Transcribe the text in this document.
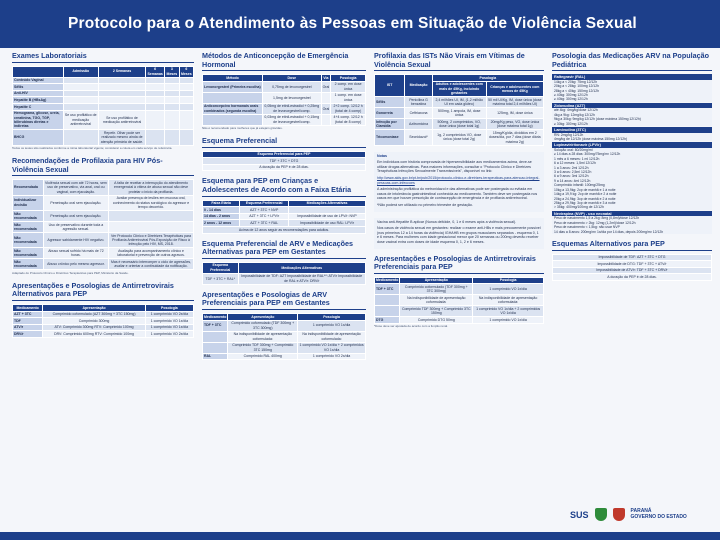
Protocolo para o Atendimento às Pessoas em Situação de Violência Sexual
Exames Laboratoriais
	Admissão	2 Semanas	6 Semanas	3 Meses	6 Meses
Conteúdo Vaginal					
Sífilis					
Anti-HIV					
Hepatite B (HBsAg)					
Hepatite C					
Hemograma, glicose, ureia, creatinina, TGO, TGP, bilirrubinas diretas e indiretas	Se uso profilático de medicação antirretroviral	Se uso profilático de medicação antirretroviral			
BHCG		Repetir. Olhar pode ser realizado mesmo ainda de atenção primária de saúde.			
Todos os testes são realizados conforme a rotina laboratorial vigente; considerar a coleta em cada serviço de referência.
Recomendações de Profilaxia para HIV Pós-Violência Sexual
Recomendada	Violência sexual com até 72 horas, sem uso de preservativo, via anal, oral ou vaginal, com ejaculação.	A falta de receitar a interrupção do atendimento emergencial à vítima de abuso sexual não deve protelar o início da profilaxia.
Individualizar decisão	Penetração oral sem ejaculação.	Avaliar presença de lesões em mucosa oral, conhecimento do status sorológico do agressor e tempo decorrido.
Não recomendada	Penetração oral sem ejaculação.	
Não recomendada	Uso de preservativo durante toda a agressão sexual.	
Não recomendada	Agressor sabidamente HIV negativo.	Ver Protocolo Clínico e Diretrizes Terapêuticas para Profilaxia Antirretroviral Pós-Exposição de Risco à Infecção pelo HIV, MS, 2018.
Não recomendada	Abuso sexual sofrido há mais de 72 horas.	Avaliação para acompanhamento clínico e laboratorial e prevenção de outros agravos.
Não recomendada	Abuso crônico pelo mesmo agressor.	Mas é necessário interromper o ciclo de agressões, avaliar e orientar a continuidade da notificação.
Adaptado do Protocolo Clínico e Diretrizes Terapêuticas para PEP, Ministério da Saúde.
Apresentações e Posologias de Antirretrovirais Alternativos para PEP
Medicamento	Apresentação	Posologia
AZT + 3TC	Comprimido coformulado (AZT 300mg + 3TC 150mg)	1 comprimido VO 2x/dia
TDF	Comprimido 300mg	1 comprimido VO 1x/dia
ATV/r	ATV: Comprimido 300mg RTV: Comprimido 100mg	1 comprimido VO 1x/dia
DRV/r	DRV: Comprimido 600mg RTV: Comprimido 100mg	1 comprimido VO 2x/dia
Métodos de Anticoncepção de Emergência Hormonal
Método	Dose	Via	Posologia
Levonorgestrel (Primeira escolha)	0,75mg de levonorgestrel	Oral	2 comp. em dose única
	1,5mg de levonorgestrel		1 comp. em dose única
Anticoncepcivo hormonais orais combinados (segunda escolha)	0,05mg de etinil-estradiol + 0,25mg de levonorgestrel/comp.	Oral	2+2 comp. 12/12 h (total de 4 comp)
	0,03mg de etinil-estradiol + 0,15mg de levonorgestrel/comp.		4+4 comp. 12/12 h (total de 8 comp)
Não é recomendado para mulheres que já estejam grávidas.
Esquema Preferencial
Esquema Preferencial para PEP
TDF + 3TC + DTG
A duração da PEP é de 28 dias.
Esquema para PEP em Crianças e Adolescentes de Acordo com a Faixa Etária
Faixa Etária	Esquema Preferencial	Medicações Alternativas
0 - 14 dias	AZT + 3TC + NVP	
14 dias - 2 anos	AZT + 3TC + LPV/r	Impossibilidade de uso de LPV/r: NVP
2 anos - 12 anos	AZT + 3TC + RAL	Impossibilidade de uso RAL: LPV/r
Acima de 12 anos seguir as recomendações para adultos.		
Esquema Preferencial de ARV e Medicações Alternativas para PEP em Gestantes
Esquema Preferencial	Medicações Alternativas
TDF + 3TC + RAL*	Impossibilidade de TDF: AZT Impossibilidade de RAL**: ATV/r Impossibilidade de RAL e ATV/r: DRV/r
Apresentações e Posologias de ARV Preferenciais para PEP em Gestantes
Medicamento	Apresentação	Posologia
TDF + 3TC	Comprimido coformulado (TDF 300mg + 3TC 300mg)	1 comprimido VO 1x/dia
	Na indisponibilidade de apresentação coformulada:	Na indisponibilidade de apresentação coformulada:
	Comprimido TDF 300mg + Comprimido 3TC 150mg	1 comprimido VO 1x/dia + 2 comprimidos VO 1x/dia
RAL	Comprimido RAL 400mg	1 comprimido VO 2x/dia
Profilaxia das ISTs Não Virais em Vítimas de Violência Sexual
IST	Medicação	Posologia	
		Adultos e adolescentes com mais de 45Kg, incluindo gestantes	Crianças e adolescentes com menos de 45Kg
Sífilis	Penicilina G benzatina	2,4 milhões UI, IM, (1,2 milhão UI em cada glúteo)	50 mil UI/Kg, IM, dose única (dose máxima total 2,4 milhões UI)
Gonorreia	Ceftriaxona	500mg, 1 ampola, IM, dose única	125mg, IM, dose única
Infecção por Clamídia	Azitromicina	500mg, 2 comprimidos, VO, dose única (dose total 1g)	20mg/Kg peso, VO, dose única (dose máxima total 1g)
Tricomoníase	Secnidazol*	1g, 2 comprimidos VO, dose única (dose total 2g)	15mg/Kg/dia, divididos em 2 doses/dia, por 7 dias (dose diária máxima 2g)

Notas

Em individuos com história comprovada de hipersensibilidade aos medicamentos acima, deve-se utilizar drogas alternativas. Para maiores informações, consultar o "Protocolo Clínico e Diretrizes Terapêuticas Infecções Sexualmente Transmissíveis", disponível no link:

http://www.aids.gov.br/pt-br/pub/2015/protocolo-clinico-e-diretrizes-terapeuticas-para-atencao-integral-pessoas-com-infeccoes

A administração profilática do metronidazol e das alternativas pode ser postergada ou evitada em casos de intolerância gastrointestinal conhecida ao medicamento. Também deve ser postergada nos casos em que houver prescrição de contracepção de emergência e de profilaxia antirretroviral.

*Não poderá ser utilizado no primeiro trimestre de gestação.

Vacina anti-Hepatite B aplicar (Nunca deltóide, 0, 1 e 6 meses após a violência sexual).

Nos casos de violência sexual em gestantes: realizar o exame anti-HBs e mais precocemente possível (nos primeiros 12 a 14 horas da violência) IGHAHB em grupos musculares separados - esquema 0, 1 e 6 meses. Para mulheres com idade gestacional menor que 20 semanas ou 200mg deverão receber dose vacinal extra com doses de idade esquema 0, 1, 2 e 6 meses.

Apresentações e Posologias de Antirretrovirais Preferenciais para PEP
Medicamento	Apresentação	Posologia
TDF + 3TC	Comprimido coformulado (TDF 300mg + 3TC 300mg)	1 comprimido VO 1x/dia
	Na indisponibilidade de apresentação coformulada:	Na indisponibilidade de apresentação coformulada:
	Comprimido TDF 300mg + Comprimido 3TC 150mg	1 comprimido VO 1x/dia + 2 comprimidos VO 1x/dia
DTG	Comprimido DTG 50mg	1 comprimido VO 1x/dia
*Dose deve ser ajustada de acordo com a função renal.
Posologia das Medicações ARV na População Pediátrica
Raltegravir (RAL)
14kg a < 20kg: 75mg 12/12h
20kg a < 28kg: 100mg 12/12h
28kg a < 40kg: 150mg 12/12h
≥ 40kg: 300mg 12/12h
≥ 40kg: 300mg 12/12h
Zidovudina (AZT)
até 4kg: 4mg/kg/dose 12/12h
4kg a 9kg: 12mg/kg 12/12h
9kg a 30kg: 9mg/kg 12/12h (dose máxima 150mg 12/12h)
≥ 30kg: 300mg 12/12h
Lamivudina (3TC)
RN: 2mg/kg 12/12h
4mg/kg de 12/12h (dose máxima 150mg 12/12h)
Lopinavir/ritonavir (LPV/r)
Solução oral: 80/20mg/ml
≥ 14 dias a 28 dias: 300mg/75mg/m² 12/12h
1 mês a 6 meses: 1 ml 12/12h
6 a 12 meses: 1,5ml 12/12h
1 a 3 anos: 2ml 12/12h
3 a 6 anos: 2,5ml 12/12h
6 a 9 anos: 3ml 12/12h
9 a 14 anos: 4ml 12/12h
Comprimido infantil: 100mg/25mg
10kg a 13,9kg: 2cp de manhã e 1 à noite
14kg a 19,9 kg: 2cp de manhã e 2 à noite
20kg a 24,9kg: 3cp de manhã e 2 à noite
25kg a 29,9kg: 3cp de manhã e 3 à noite
> 35kg: 400mg/100mg de 12/12h
Nevirapina (NVP) - uso neonatal
Peso de nascimento 1,5 a 2kg: 8mg (0,8ml)/dose 12/12h
Peso de nascimento > 2kg: 12mg (1,2ml)/dose 12/12h
Peso de nascimento < 1,5kg: não usar NVP
14 dias a 8 anos: 200mg/m² 1x/dia por 14 dias, depois 200mg/m² 12/12h
Esquemas Alternativos para PEP
Impossibilidade de TDF: AZT + 3TC + DTG
Impossibilidade de DTG: TDF + 3TC + ATV/r
Impossibilidade de ATV/r: TDF + 3TC + DRV/r
A duração da PEP é de 28 dias.
SUS	PARANÁ
GOVERNO DO ESTADO
